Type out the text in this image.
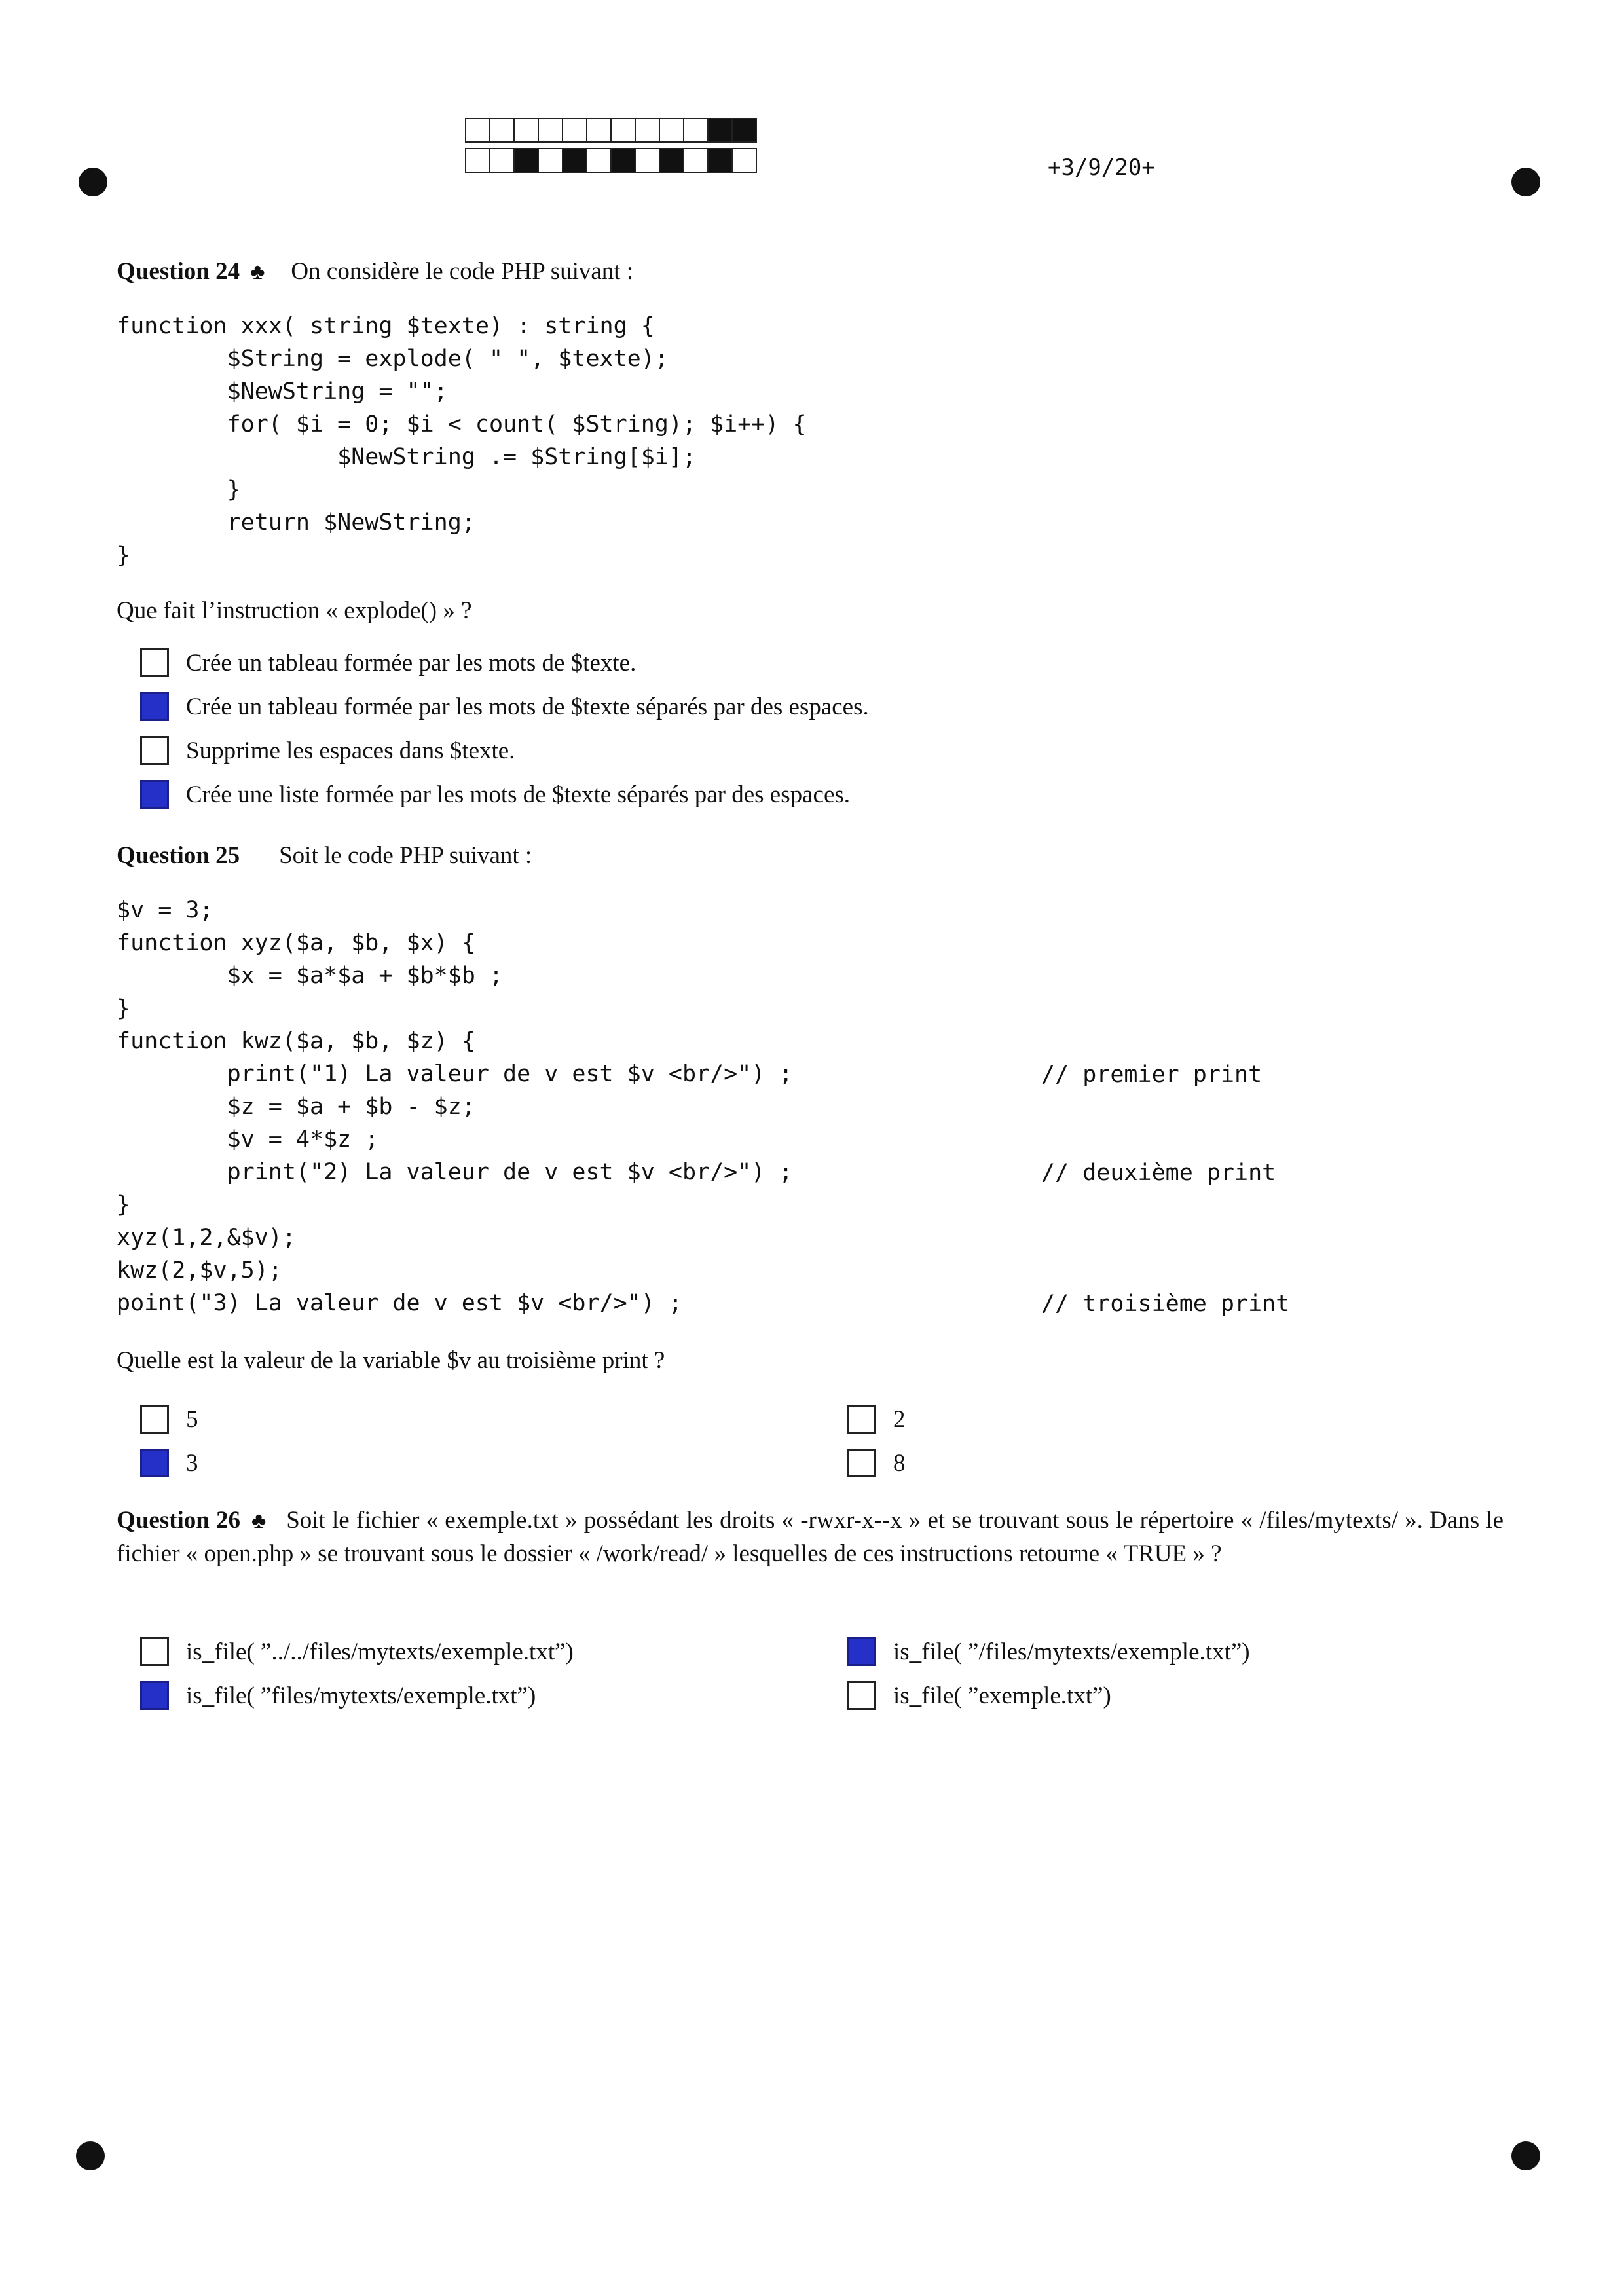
+3/9/20+
Question 24 ♣ On considère le code PHP suivant :
function xxx( string $texte) : string {
$String = explode( " ", $texte);
$NewString = "";
for( $i = 0; $i < count( $String); $i++) {
$NewString .= $String[$i];
}
return $NewString;
}
Que fait l’instruction « explode() » ?
Crée un tableau formée par les mots de $texte.
Crée un tableau formée par les mots de $texte séparés par des espaces.
Supprime les espaces dans $texte.
Crée une liste formée par les mots de $texte séparés par des espaces.
Question 25 Soit le code PHP suivant :
$v = 3;
function xyz($a, $b, $x) {
$x = $a*$a + $b*$b ;
}
function kwz($a, $b, $z) {
print("1) La valeur de v est $v <br/>") ;
$z = $a + $b - $z;
$v = 4*$z ;
print("2) La valeur de v est $v <br/>") ;
}
xyz(1,2,&$v);
kwz(2,$v,5);
point("3) La valeur de v est $v <br/>") ;
// premier print
// deuxième print
// troisième print
Quelle est la valeur de la variable $v au troisième print ?
5
3
2
8
Question 26 ♣ Soit le fichier « exemple.txt » possédant les droits « -rwxr-x--x » et se trouvant sous le répertoire « /files/mytexts/ ». Dans le fichier « open.php » se trouvant sous le dossier « /work/read/ » lesquelles de ces instructions retourne « TRUE » ?
is_file( ”../../files/mytexts/exemple.txt”)
is_file( ”files/mytexts/exemple.txt”)
is_file( ”/files/mytexts/exemple.txt”)
is_file( ”exemple.txt”)
